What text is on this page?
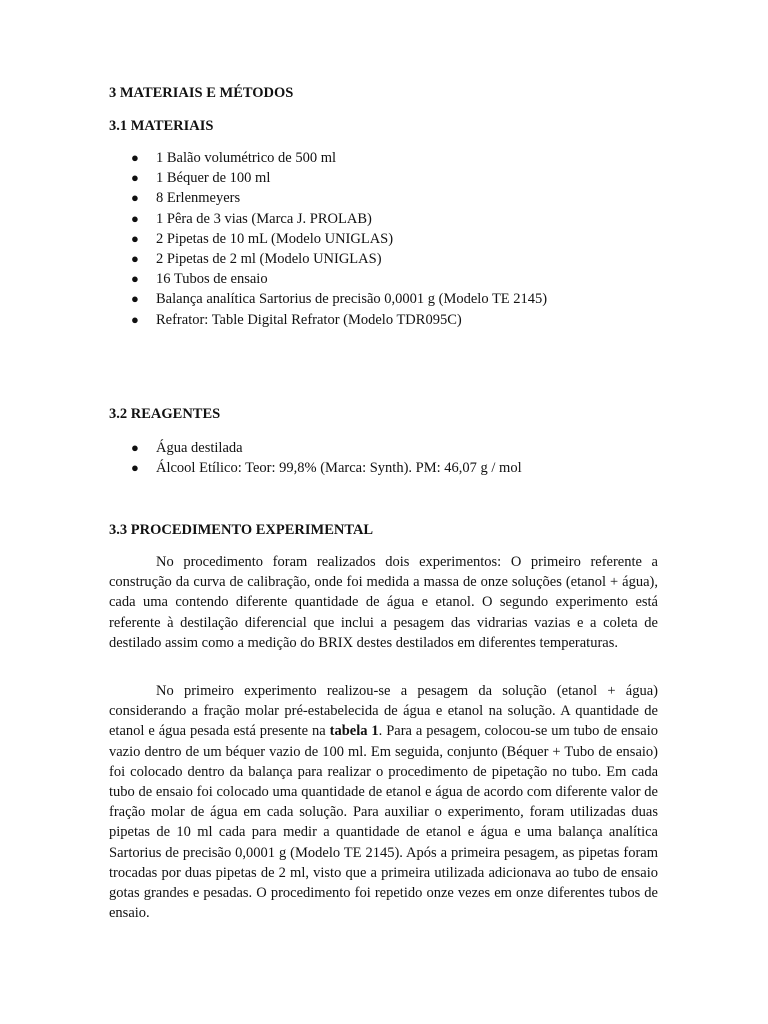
3 MATERIAIS E MÉTODOS
3.1 MATERIAIS
● 1 Balão volumétrico de 500 ml
● 1 Béquer de 100 ml
● 8 Erlenmeyers
● 1 Pêra de 3 vias (Marca J. PROLAB)
● 2 Pipetas de 10 mL (Modelo UNIGLAS)
● 2 Pipetas de 2 ml (Modelo UNIGLAS)
● 16 Tubos de ensaio
● Balança analítica Sartorius de precisão 0,0001 g (Modelo TE 2145)
● Refrator: Table Digital Refrator (Modelo TDR095C)
3.2 REAGENTES
● Água destilada
● Álcool Etílico: Teor: 99,8% (Marca: Synth). PM: 46,07 g / mol
3.3 PROCEDIMENTO EXPERIMENTAL

No procedimento foram realizados dois experimentos: O primeiro referente a construção da curva de calibração, onde foi medida a massa de onze soluções (etanol + água), cada uma contendo diferente quantidade de água e etanol. O segundo experimento está referente à destilação diferencial que inclui a pesagem das vidrarias vazias e a coleta de destilado assim como a medição do BRIX destes destilados em diferentes temperaturas.

No primeiro experimento realizou-se a pesagem da solução (etanol + água) considerando a fração molar pré-estabelecida de água e etanol na solução. A quantidade de etanol e água pesada está presente na tabela 1. Para a pesagem, colocou-se um tubo de ensaio vazio dentro de um béquer vazio de 100 ml. Em seguida, conjunto (Béquer + Tubo de ensaio) foi colocado dentro da balança para realizar o procedimento de pipetação no tubo. Em cada tubo de ensaio foi colocado uma quantidade de etanol e água de acordo com diferente valor de fração molar de água em cada solução. Para auxiliar o experimento, foram utilizadas duas pipetas de 10 ml cada para medir a quantidade de etanol e água e uma balança analítica Sartorius de precisão 0,0001 g (Modelo TE 2145). Após a primeira pesagem, as pipetas foram trocadas por duas pipetas de 2 ml, visto que a primeira utilizada adicionava ao tubo de ensaio gotas grandes e pesadas. O procedimento foi repetido onze vezes em onze diferentes tubos de ensaio.
